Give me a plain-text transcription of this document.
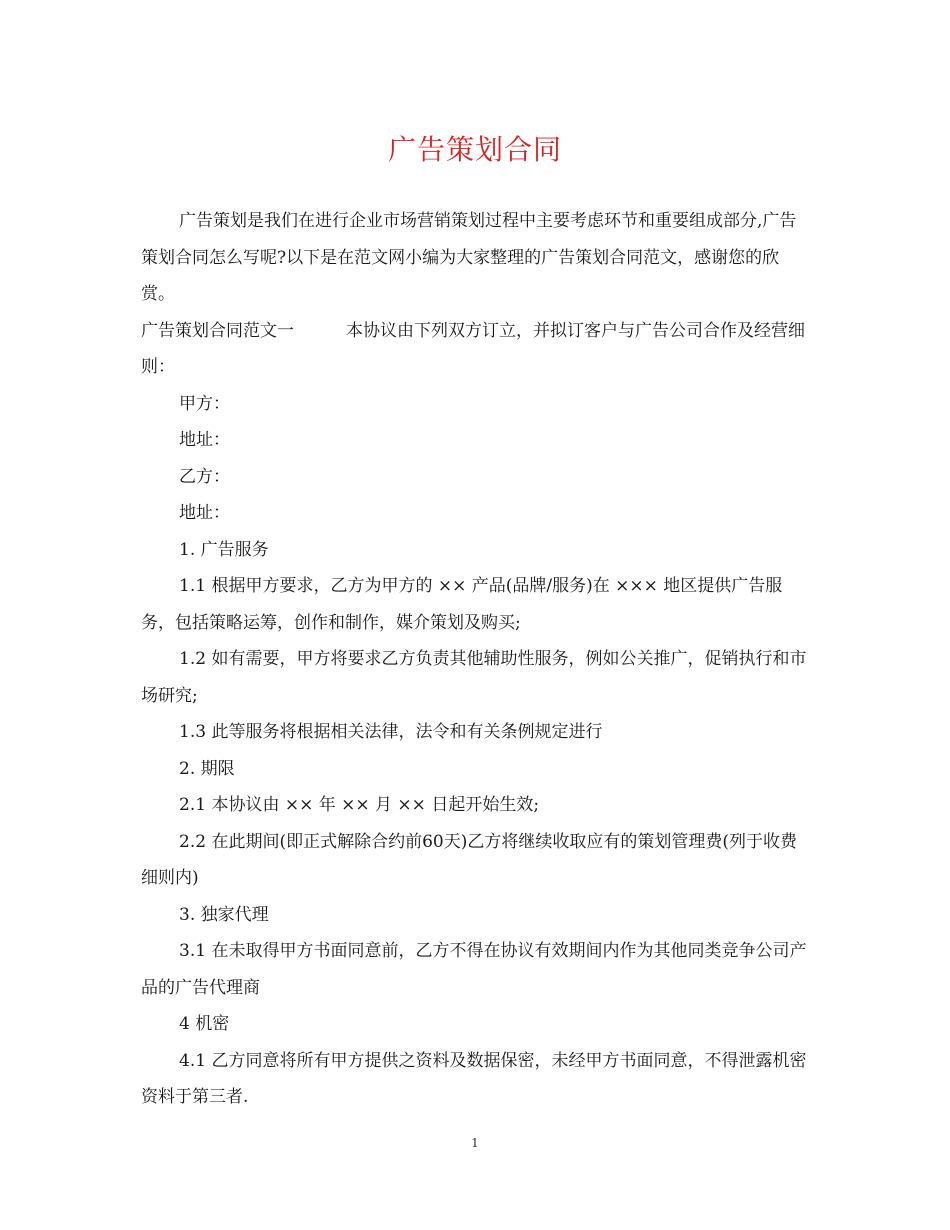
广告策划合同

广告策划是我们在进行企业市场营销策划过程中主要考虑环节和重要组成部分,广告策划合同怎么写呢?以下是在范文网小编为大家整理的广告策划合同范文，感谢您的欣赏。

广告策划合同范文一	本协议由下列双方订立，并拟订客户与广告公司合作及经营细则：

甲方：

地址：

乙方：

地址：

1. 广告服务

1.1 根据甲方要求，乙方为甲方的 ×× 产品(品牌/服务)在 ××× 地区提供广告服务，包括策略运筹，创作和制作，媒介策划及购买;

1.2 如有需要，甲方将要求乙方负责其他辅助性服务，例如公关推广，促销执行和市场研究;

1.3 此等服务将根据相关法律，法令和有关条例规定进行

2. 期限

2.1 本协议由 ×× 年 ×× 月 ×× 日起开始生效;

2.2 在此期间(即正式解除合约前60天)乙方将继续收取应有的策划管理费(列于收费细则内)

3. 独家代理

3.1 在未取得甲方书面同意前，乙方不得在协议有效期间内作为其他同类竞争公司产品的广告代理商

4 机密

4.1 乙方同意将所有甲方提供之资料及数据保密，未经甲方书面同意，不得泄露机密资料于第三者.

1
